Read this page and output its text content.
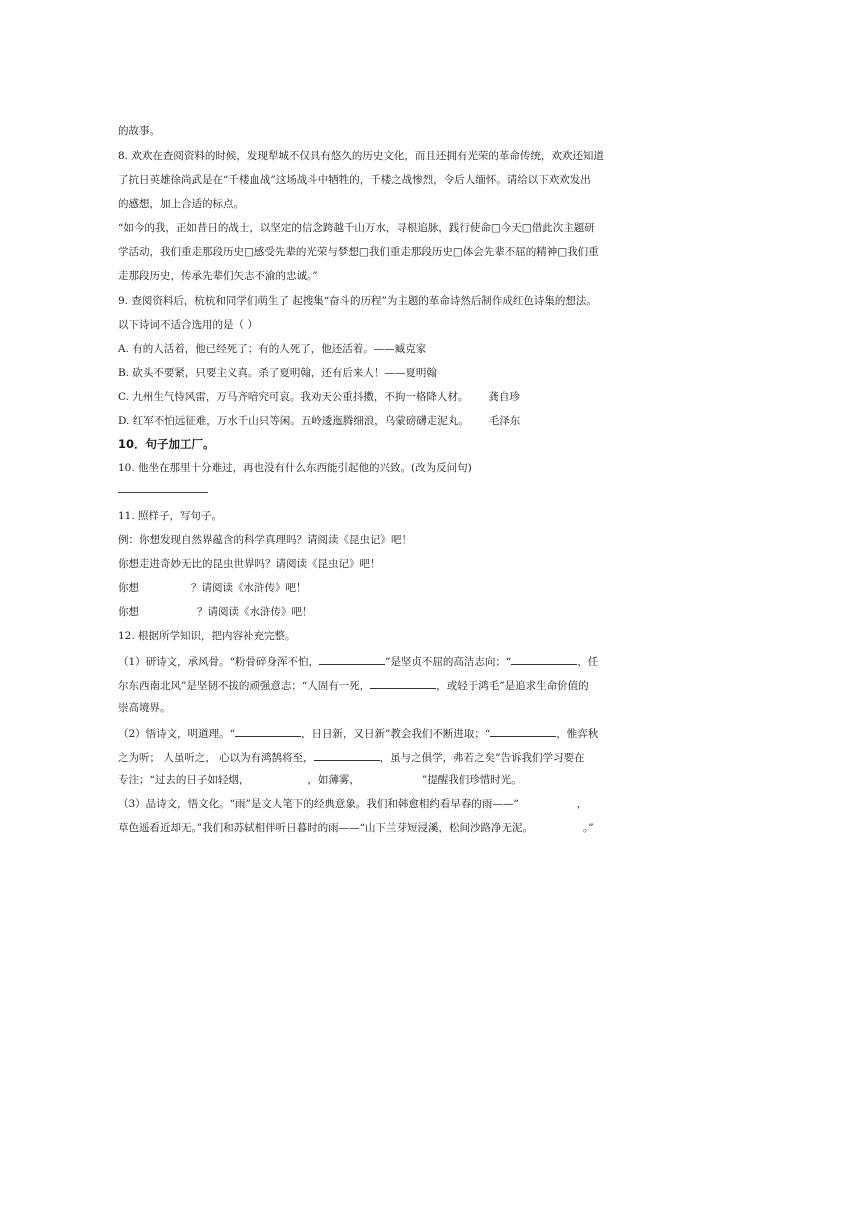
的故事。
8. 欢欢在查阅资料的时候，发现犁城不仅具有悠久的历史文化，而且还拥有光荣的革命传统，欢欢还知道
了抗日英雄徐尚武是在“千楼血战”这场战斗中牺牲的，千楼之战惨烈，令后人缅怀。请给以下欢欢发出
的感想，加上合适的标点。
“如今的我，正如昔日的战士，以坚定的信念跨越千山万水，寻根追脉，践行使命□今天□借此次主题研
学活动，我们重走那段历史□感受先辈的光荣与梦想□我们重走那段历史□体会先辈不屈的精神□我们重
走那段历史，传承先辈们矢志不渝的忠诚。”
9. 查阅资料后，杭杭和同学们萌生了 起搜集“奋斗的历程”为主题的革命诗然后制作成红色诗集的想法。
以下诗词不适合选用的是（ ）
A. 有的人活着，他已经死了；有的人死了，他还活着。——臧克家
B. 砍头不要紧，只要主义真。杀了夏明翰，还有后来人！——夏明翰
C. 九州生气恃风雷，万马齐喑究可哀。我劝天公重抖擞，不拘一格降人材。 龚自珍
D. 红军不怕远征难，万水千山只等闲。五岭逶迤腾细浪，乌蒙磅礴走泥丸。 毛泽东
10．句子加工厂。
10. 他坐在那里十分难过，再也没有什么东西能引起他的兴致。(改为反问句)
11. 照样子，写句子。
例：你想发现自然界蕴含的科学真理吗？请阅读《昆虫记》吧！
你想走进奇妙无比的昆虫世界吗？请阅读《昆虫记》吧！
你想	？请阅读《水浒传》吧！
你想	？请阅读《水浒传》吧！
12. 根据所学知识，把内容补充完整。
（1）研诗文，承风骨。“粉骨碎身浑不怕，	”是坚贞不屈的高洁志向；“	，任
尔东西南北风”是坚韧不拔的顽强意志；“人固有一死，	，或轻于鸿毛”是追求生命价值的
崇高境界。
（2）悟诗文，明道理。“	，日日新，又日新”教会我们不断进取；“	，惟弈秋
之为听； 人虽听之， 心以为有鸿鹄将至，	，虽与之俱学，弗若之矣”告诉我们学习要在
专注；“过去的日子如轻烟，	，如薄雾，	”提醒我们珍惜时光。
（3）品诗文，悟文化。“雨”是文人笔下的经典意象。我们和韩愈相约看早春的雨——“	，
草色遥看近却无。”我们和苏轼相伴听日暮时的雨——“山下兰芽短浸溪，松间沙路净无泥。	。”
